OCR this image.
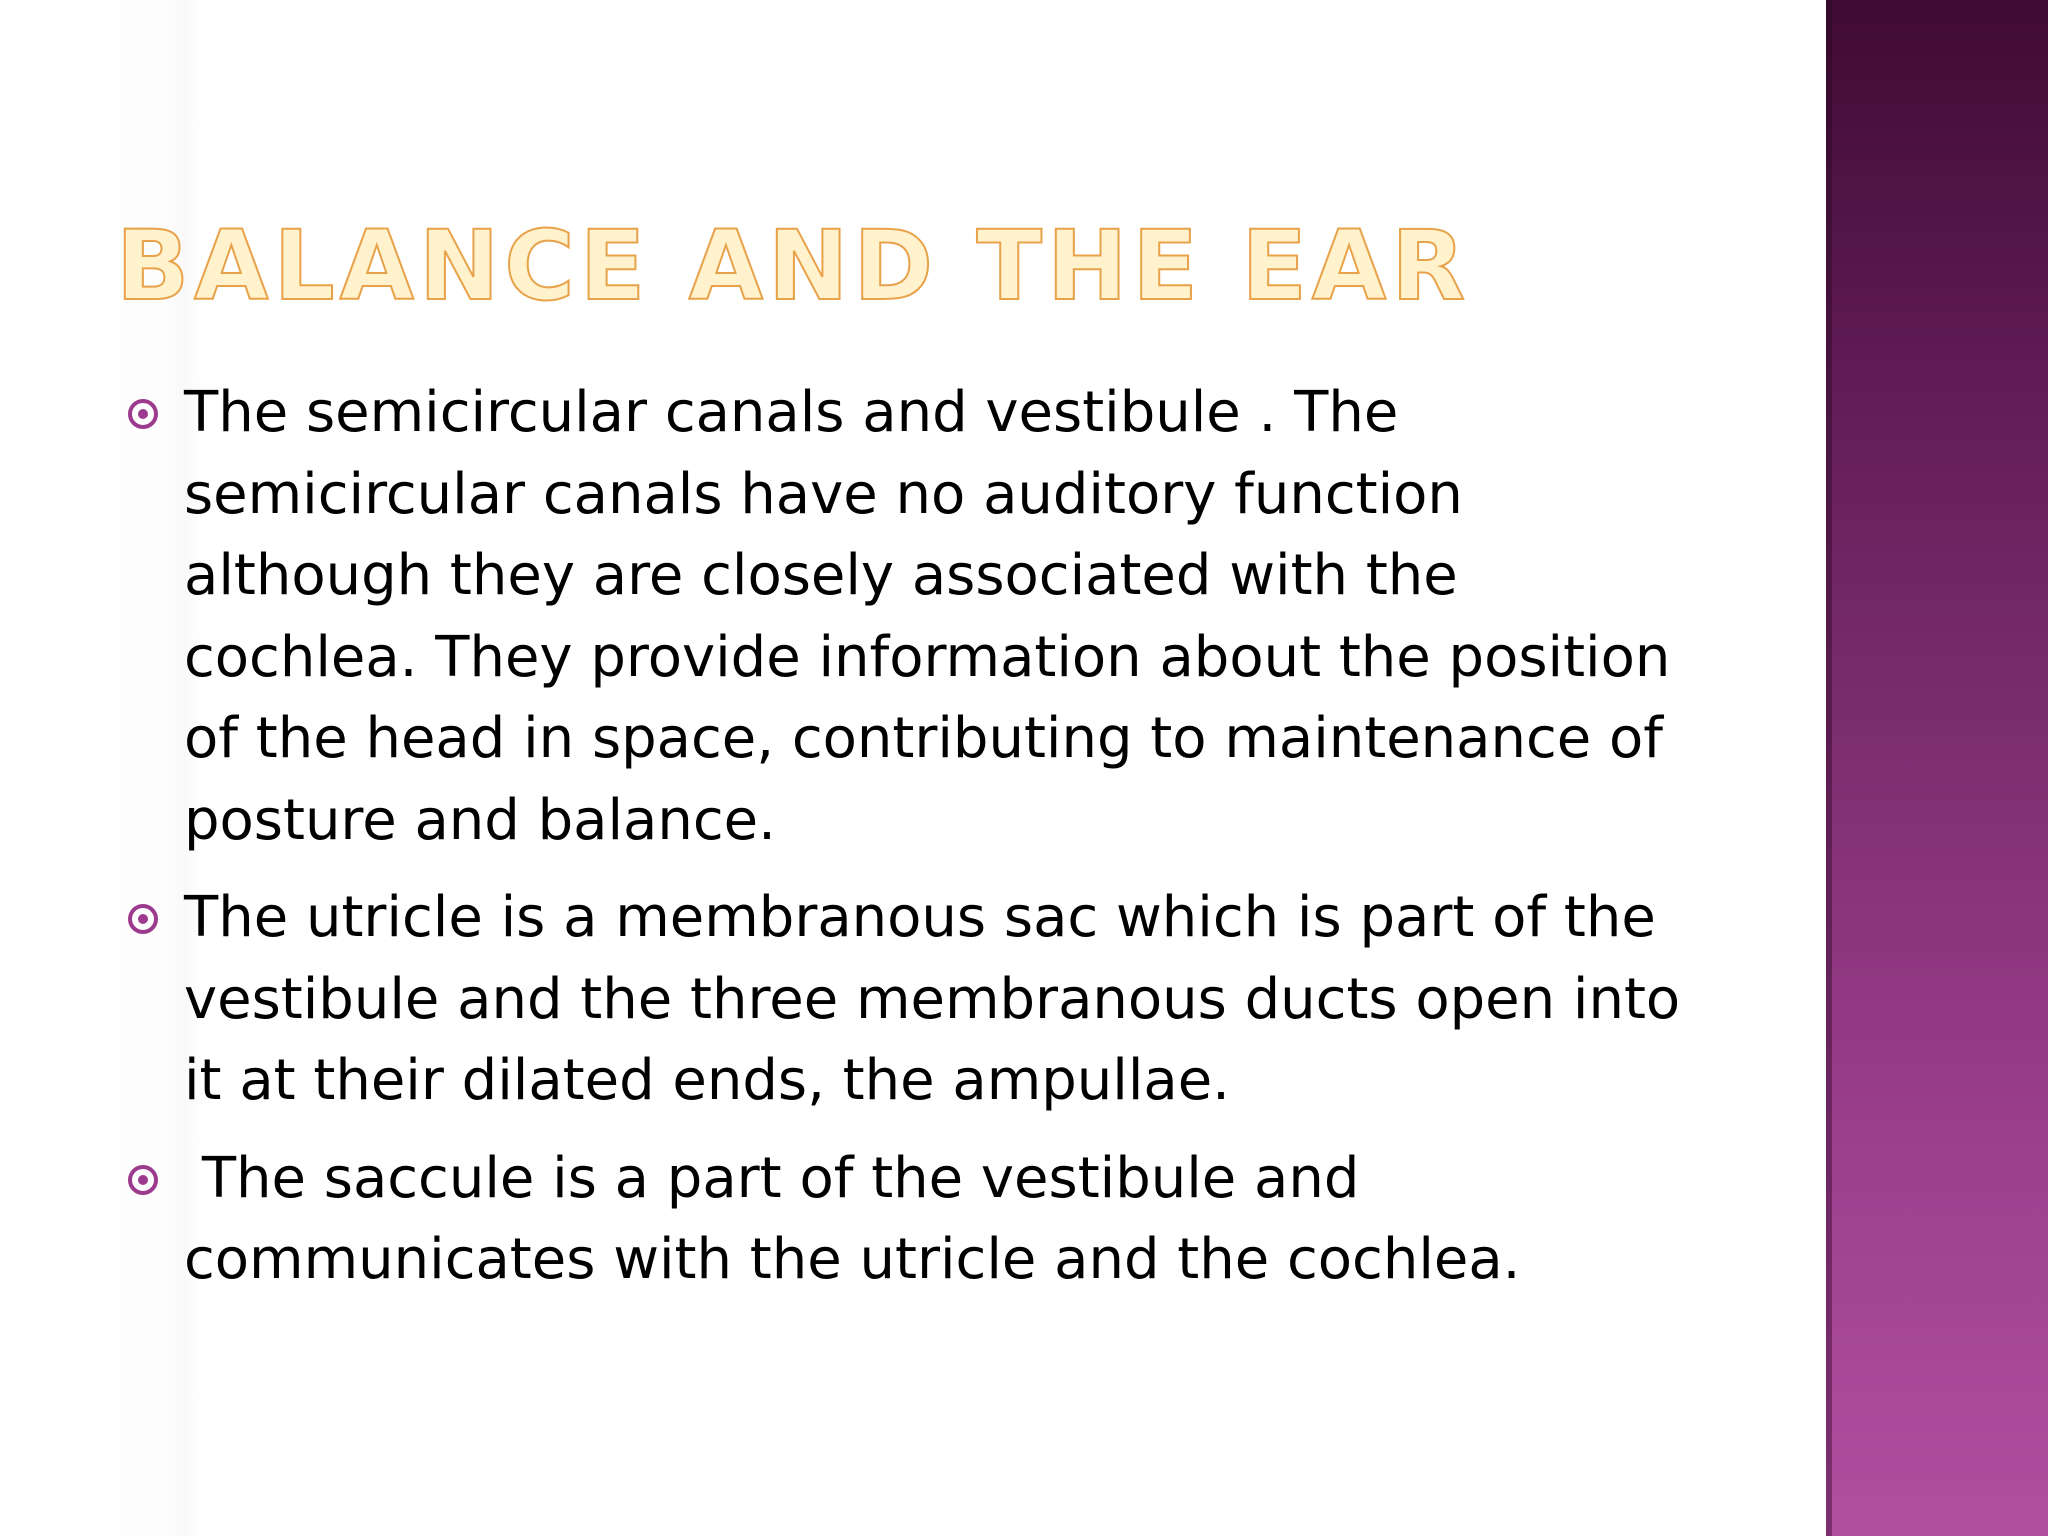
BALANCE AND THE EAR
The semicircular canals and vestibule . The semicircular canals have no auditory function although they are closely associated with the cochlea. They provide information about the position of the head in space, contributing to maintenance of posture and balance.
The utricle is a membranous sac which is part of the vestibule and the three membranous ducts open into it at their dilated ends, the ampullae.
The saccule is a part of the vestibule and communicates with the utricle and the cochlea.
